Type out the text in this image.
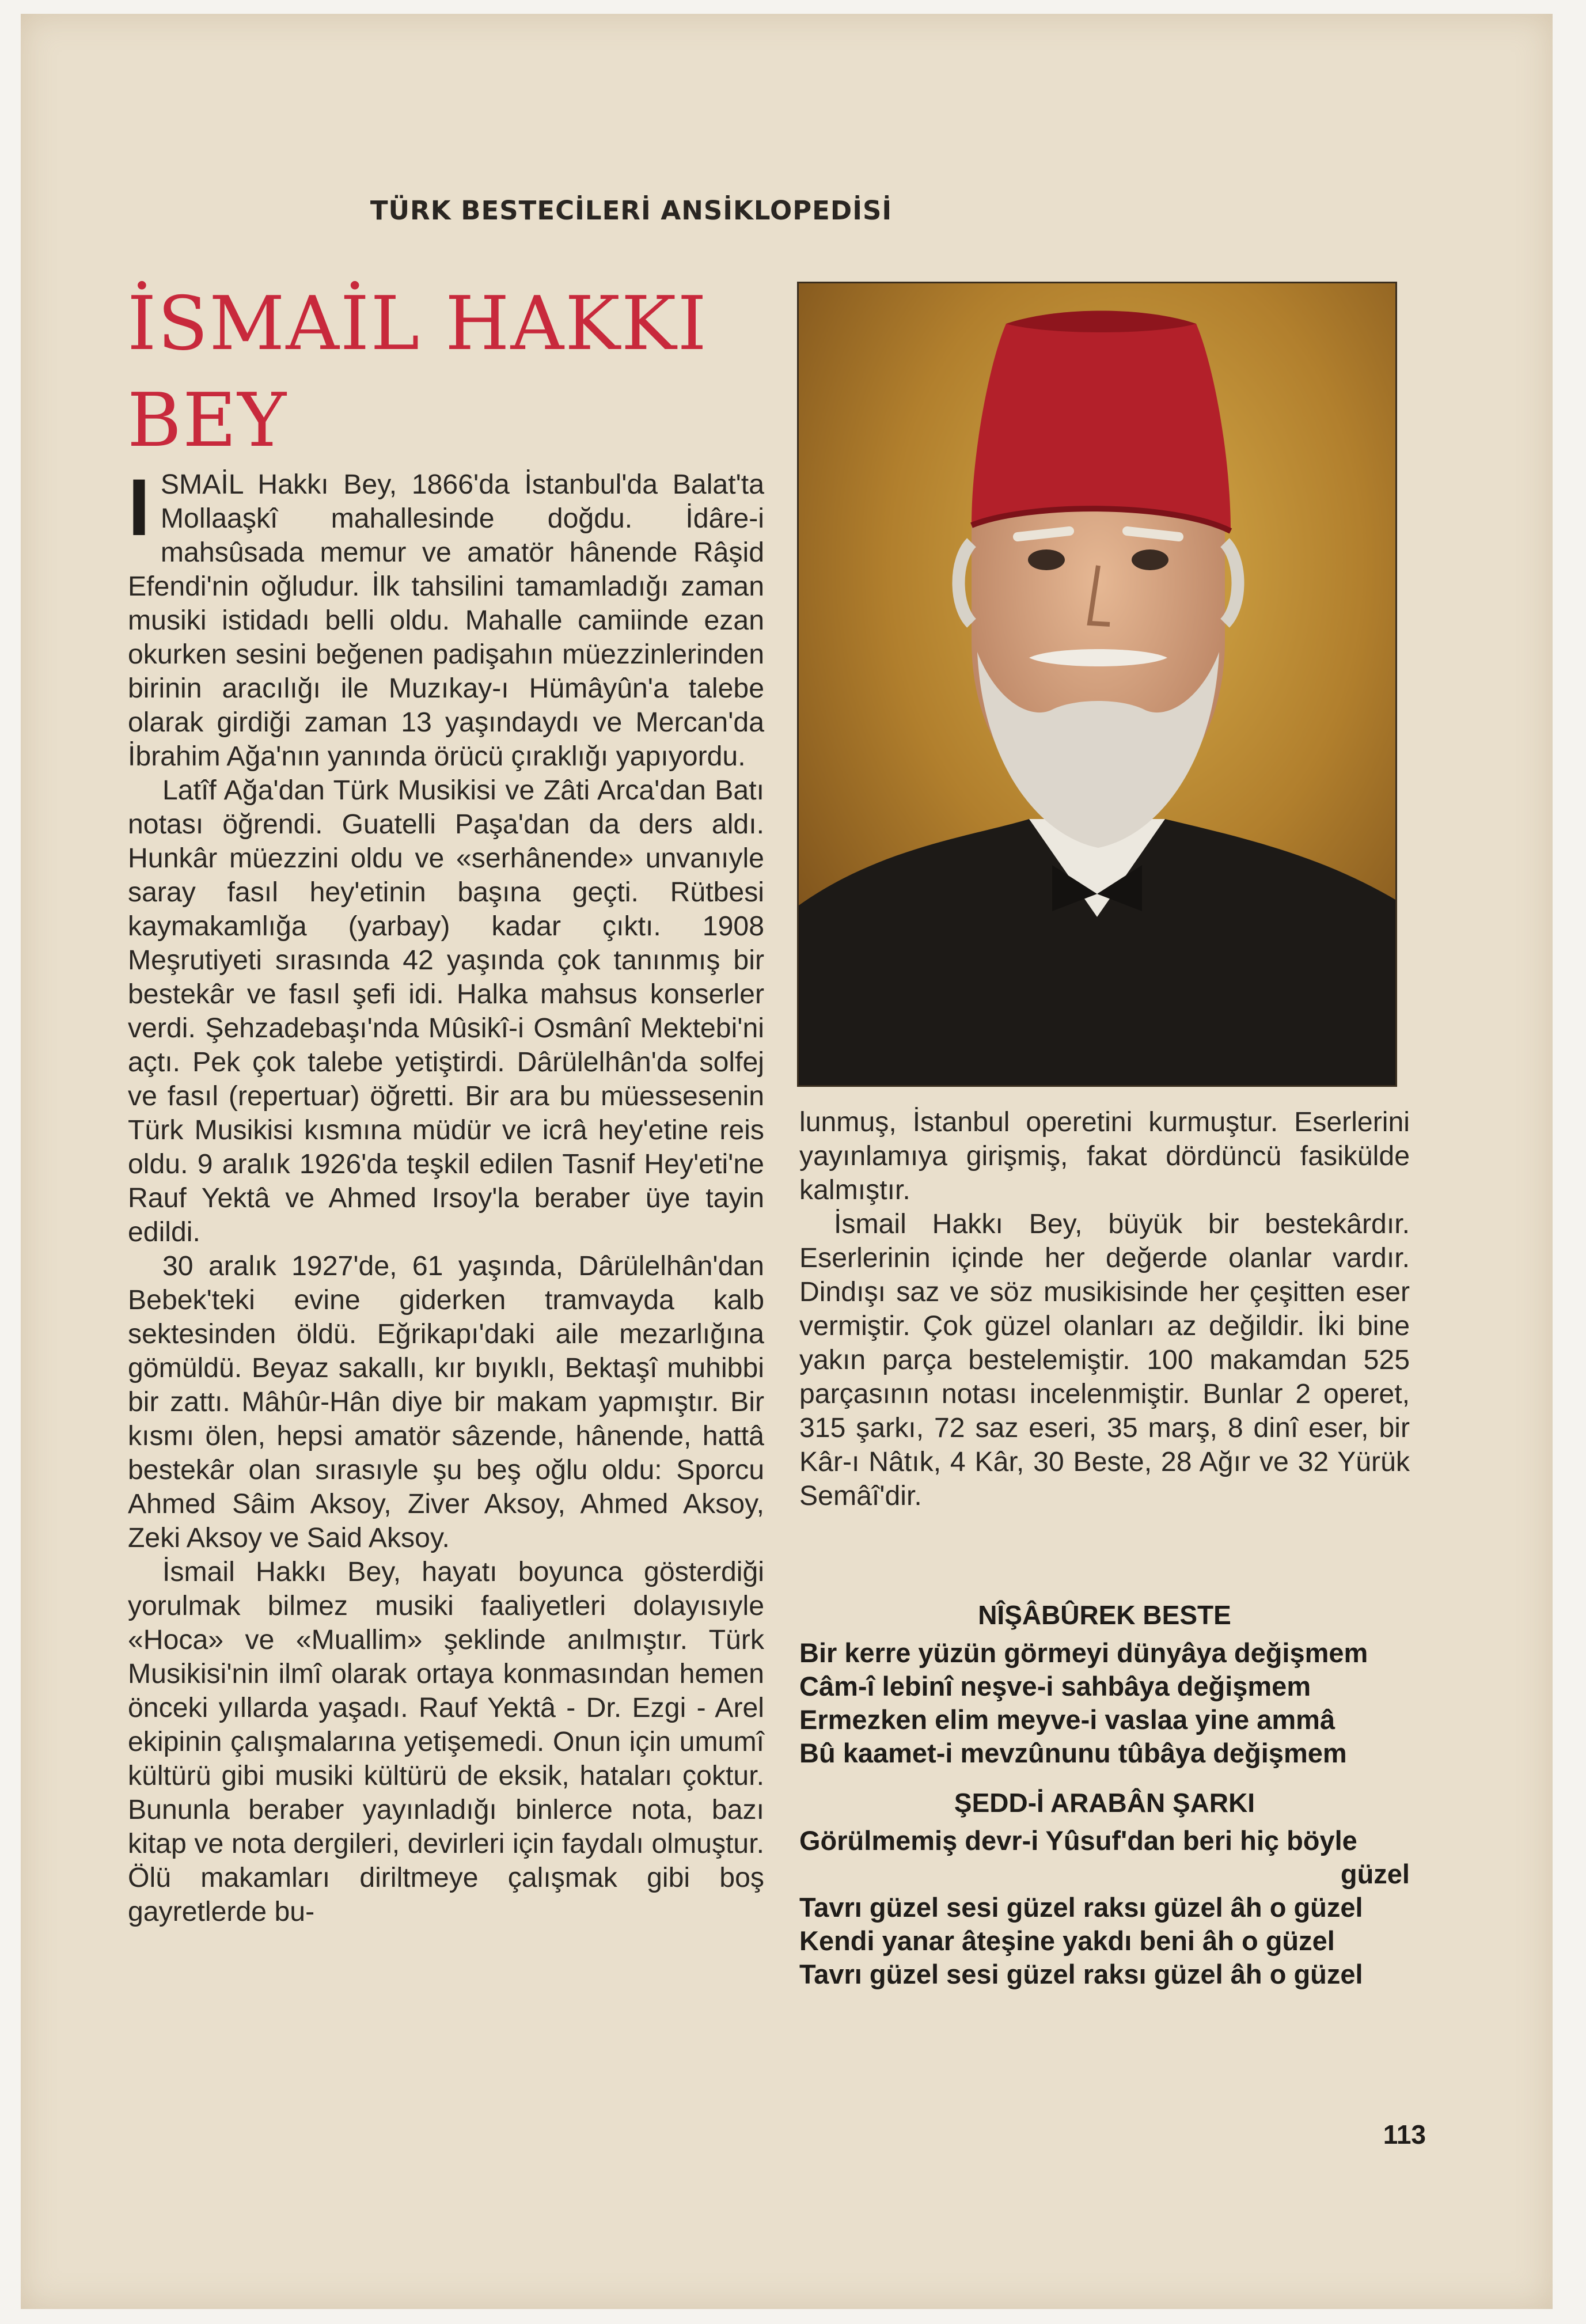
TÜRK BESTECİLERİ ANSİKLOPEDİSİ
İSMAİL HAKKI
BEY

ISMAİL Hakkı Bey, 1866'da İstanbul'da Balat'ta Mollaaşkî mahallesinde doğdu. İdâre-i mahsûsada memur ve amatör hânende Râşid Efendi'nin oğludur. İlk tahsilini tamamladığı zaman musiki istidadı belli oldu. Mahalle camiinde ezan okurken sesini beğenen padişahın müezzinlerinden birinin aracılığı ile Muzıkay-ı Hümâyûn'a talebe olarak girdiği zaman 13 yaşındaydı ve Mercan'da İbrahim Ağa'nın yanında örücü çıraklığı yapıyordu.

Latîf Ağa'dan Türk Musikisi ve Zâti Arca'dan Batı notası öğrendi. Guatelli Paşa'dan da ders aldı. Hunkâr müezzini oldu ve «serhânende» unvanıyle saray fasıl hey'etinin başına geçti. Rütbesi kaymakamlığa (yarbay) kadar çıktı. 1908 Meşrutiyeti sırasında 42 yaşında çok tanınmış bir bestekâr ve fasıl şefi idi. Halka mahsus konserler verdi. Şehzadebaşı'nda Mûsikî-i Osmânî Mektebi'ni açtı. Pek çok talebe yetiştirdi. Dârülelhân'da solfej ve fasıl (repertuar) öğretti. Bir ara bu müessesenin Türk Musikisi kısmına müdür ve icrâ hey'etine reis oldu. 9 aralık 1926'da teşkil edilen Tasnif Hey'eti'ne Rauf Yektâ ve Ahmed Irsoy'la beraber üye tayin edildi.

30 aralık 1927'de, 61 yaşında, Dârülelhân'dan Bebek'teki evine giderken tramvayda kalb sektesinden öldü. Eğrikapı'daki aile mezarlığına gömüldü. Beyaz sakallı, kır bıyıklı, Bektaşî muhibbi bir zattı. Mâhûr-Hân diye bir makam yapmıştır. Bir kısmı ölen, hepsi amatör sâzende, hânende, hattâ bestekâr olan sırasıyle şu beş oğlu oldu: Sporcu Ahmed Sâim Aksoy, Ziver Aksoy, Ahmed Aksoy, Zeki Aksoy ve Said Aksoy.

İsmail Hakkı Bey, hayatı boyunca gösterdiği yorulmak bilmez musiki faaliyetleri dolayısıyle «Hoca» ve «Muallim» şeklinde anılmıştır. Türk Musikisi'nin ilmî olarak ortaya konmasından hemen önceki yıllarda yaşadı. Rauf Yektâ - Dr. Ezgi - Arel ekipinin çalışmalarına yetişemedi. Onun için umumî kültürü gibi musiki kültürü de eksik, hataları çoktur. Bununla beraber yayınladığı binlerce nota, bazı kitap ve nota dergileri, devirleri için faydalı olmuştur. Ölü makamları diriltmeye çalışmak gibi boş gayretlerde bu-

lunmuş, İstanbul operetini kurmuştur. Eserlerini yayınlamıya girişmiş, fakat dördüncü fasikülde kalmıştır.

İsmail Hakkı Bey, büyük bir bestekârdır. Eserlerinin içinde her değerde olanlar vardır. Dindışı saz ve söz musikisinde her çeşitten eser vermiştir. Çok güzel olanları az değildir. İki bine yakın parça bestelemiştir. 100 makamdan 525 parçasının notası incelenmiştir. Bunlar 2 operet, 315 şarkı, 72 saz eseri, 35 marş, 8 dinî eser, bir Kâr-ı Nâtık, 4 Kâr, 30 Beste, 28 Ağır ve 32 Yürük Semâî'dir.

NÎŞÂBÛREK BESTE
Bir kerre yüzün görmeyi dünyâya değişmem
Câm-î lebinî neşve-i sahbâya değişmem
Ermezken elim meyve-i vaslaa yine ammâ
Bû kaamet-i mevzûnunu tûbâya değişmem
ŞEDD-İ ARABÂN ŞARKI
Görülmemiş devr-i Yûsuf'dan beri hiç böyle
güzel
Tavrı güzel sesi güzel raksı güzel âh o güzel
Kendi yanar âteşine yakdı beni âh o güzel
Tavrı güzel sesi güzel raksı güzel âh o güzel
113
